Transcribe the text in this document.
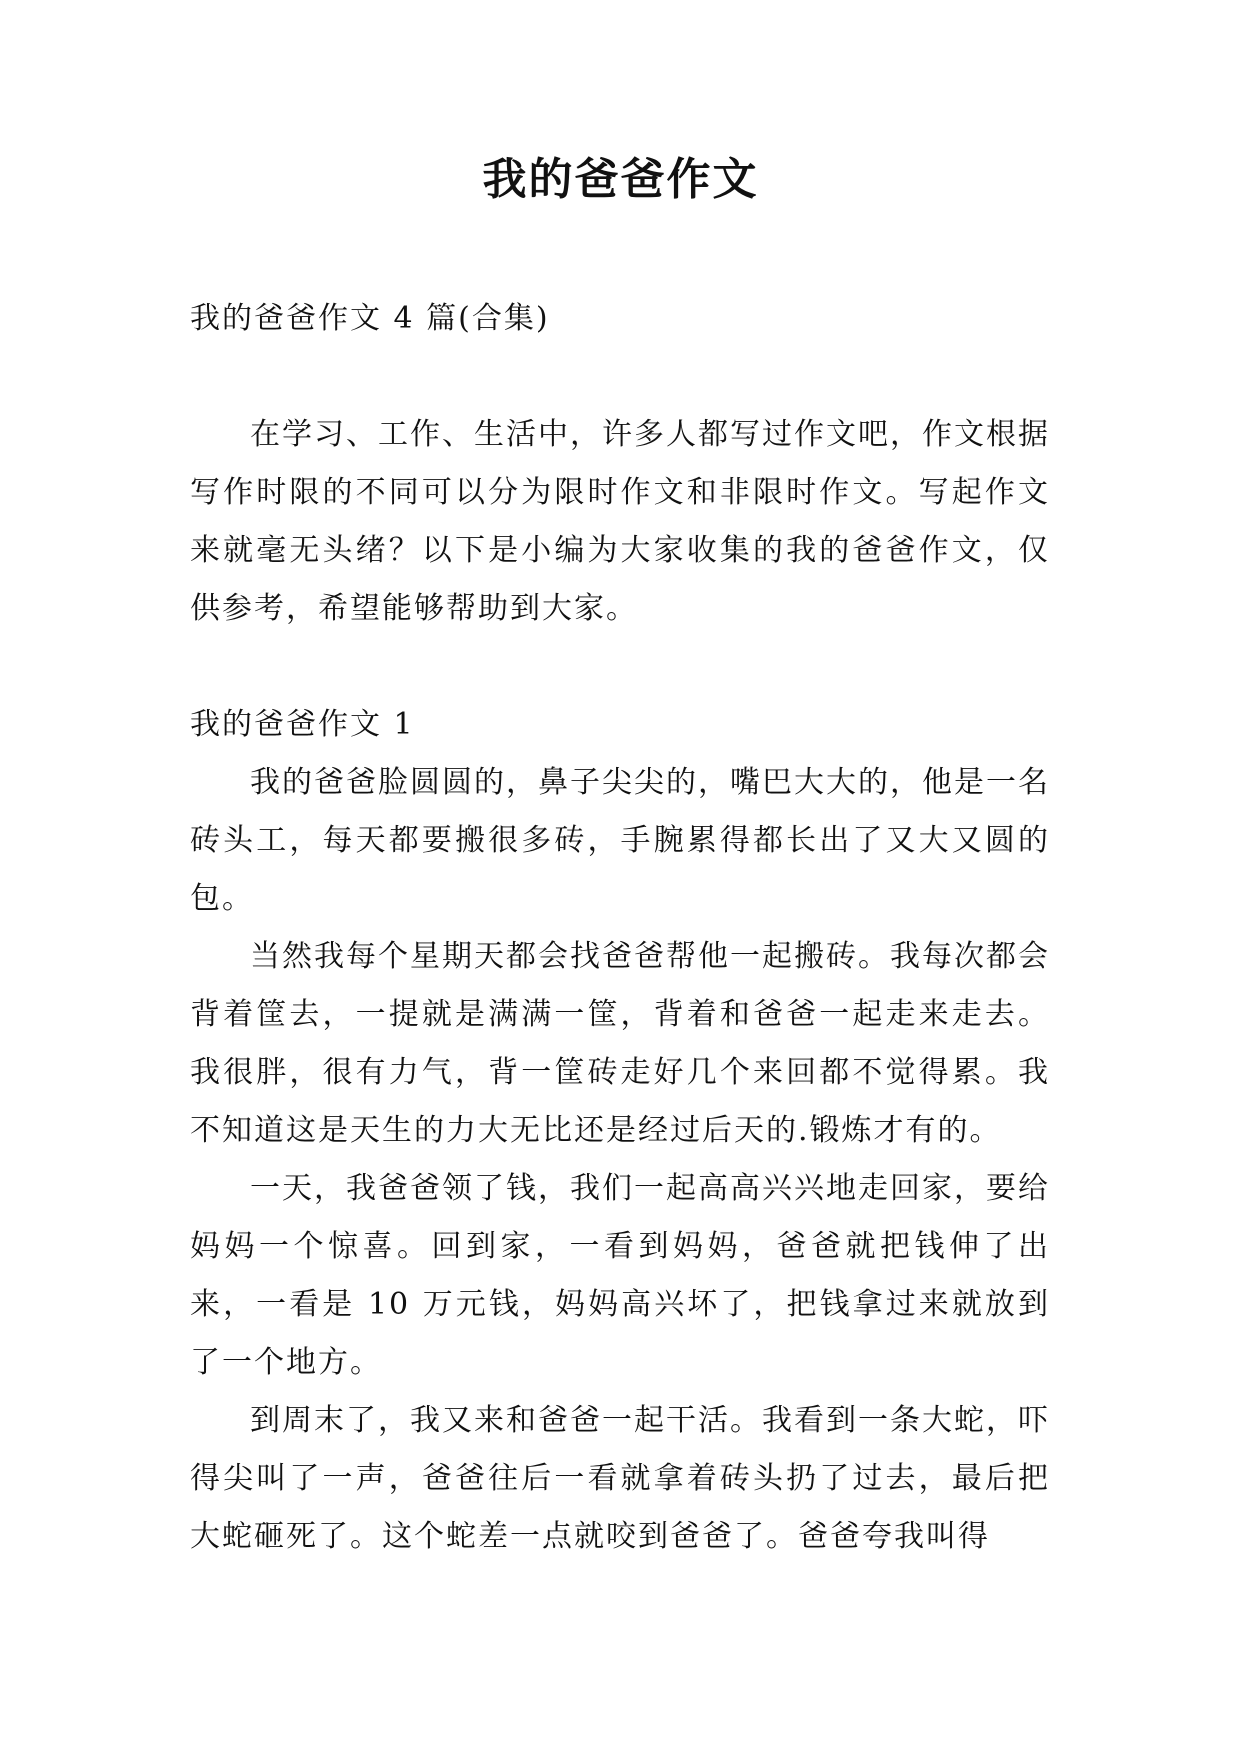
我的爸爸作文

我的爸爸作文 4 篇(合集)

在学习、工作、生活中，许多人都写过作文吧，作文根据写作时限的不同可以分为限时作文和非限时作文。写起作文来就毫无头绪？以下是小编为大家收集的我的爸爸作文，仅供参考，希望能够帮助到大家。

我的爸爸作文 1

我的爸爸脸圆圆的，鼻子尖尖的，嘴巴大大的，他是一名砖头工，每天都要搬很多砖，手腕累得都长出了又大又圆的包。

当然我每个星期天都会找爸爸帮他一起搬砖。我每次都会背着筐去，一提就是满满一筐，背着和爸爸一起走来走去。我很胖，很有力气，背一筐砖走好几个来回都不觉得累。我不知道这是天生的力大无比还是经过后天的.锻炼才有的。

一天，我爸爸领了钱，我们一起高高兴兴地走回家，要给妈妈一个惊喜。回到家，一看到妈妈，爸爸就把钱伸了出来，一看是 10 万元钱，妈妈高兴坏了，把钱拿过来就放到了一个地方。

到周末了，我又来和爸爸一起干活。我看到一条大蛇，吓得尖叫了一声，爸爸往后一看就拿着砖头扔了过去，最后把大蛇砸死了。这个蛇差一点就咬到爸爸了。爸爸夸我叫得
